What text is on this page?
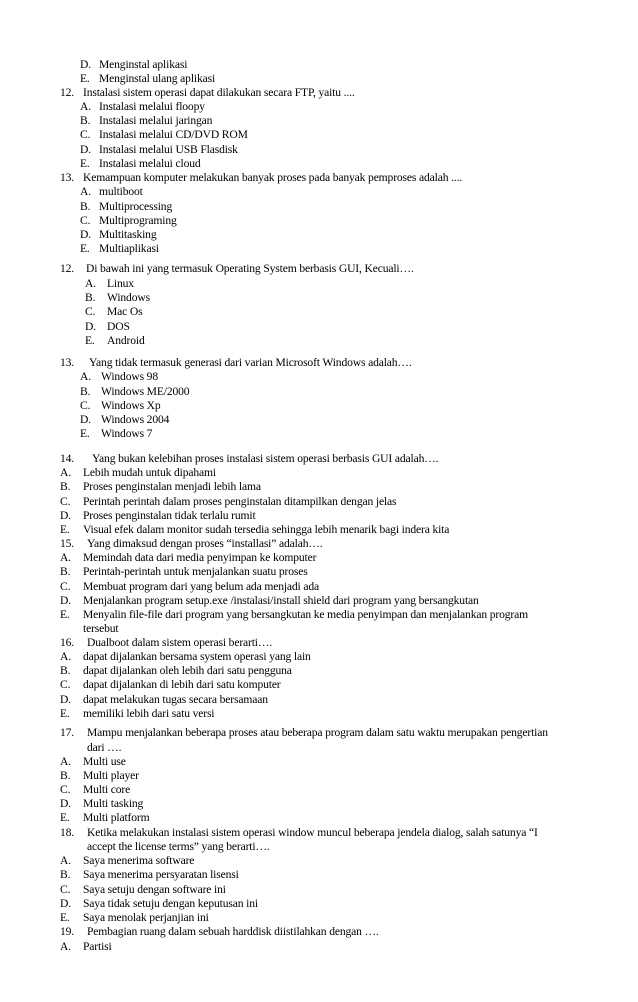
D. Menginstal aplikasi
E. Menginstal ulang aplikasi
12. Instalasi sistem operasi dapat dilakukan secara FTP, yaitu ....
A. Instalasi melalui floopy
B. Instalasi melalui jaringan
C. Instalasi melalui CD/DVD ROM
D. Instalasi melalui USB Flasdisk
E. Instalasi melalui cloud
13. Kemampuan komputer melakukan banyak proses pada banyak pemproses adalah ....
A. multiboot
B. Multiprocessing
C. Multiprograming
D. Multitasking
E. Multiaplikasi
12. Di bawah ini yang termasuk Operating System berbasis GUI, Kecuali….
A. Linux
B. Windows
C. Mac Os
D. DOS
E. Android
13. Yang tidak termasuk generasi dari varian Microsoft Windows adalah….
A. Windows 98
B. Windows ME/2000
C. Windows Xp
D. Windows 2004
E. Windows 7
14. Yang bukan kelebihan proses instalasi sistem operasi berbasis GUI adalah….
A. Lebih mudah untuk dipahami
B. Proses penginstalan menjadi lebih lama
C. Perintah perintah dalam proses penginstalan ditampilkan dengan jelas
D. Proses penginstalan tidak terlalu rumit
E. Visual efek dalam monitor sudah tersedia sehingga lebih menarik bagi indera kita
15. Yang dimaksud dengan proses “installasi” adalah….
A. Memindah data dari media penyimpan ke komputer
B. Perintah-perintah untuk menjalankan suatu proses
C. Membuat program dari yang belum ada menjadi ada
D. Menjalankan program setup.exe /instalasi/install shield dari program yang bersangkutan
E. Menyalin file-file dari program yang bersangkutan ke media penyimpan dan menjalankan program
tersebut
16. Dualboot dalam sistem operasi berarti….
A. dapat dijalankan bersama system operasi yang lain
B. dapat dijalankan oleh lebih dari satu pengguna
C. dapat dijalankan di lebih dari satu komputer
D. dapat melakukan tugas secara bersamaan
E. memiliki lebih dari satu versi
17. Mampu menjalankan beberapa proses atau beberapa program dalam satu waktu merupakan pengertian
dari ….
A. Multi use
B. Multi player
C. Multi core
D. Multi tasking
E. Multi platform
18. Ketika melakukan instalasi sistem operasi window muncul beberapa jendela dialog, salah satunya “I
accept the license terms” yang berarti….
A. Saya menerima software
B. Saya menerima persyaratan lisensi
C. Saya setuju dengan software ini
D. Saya tidak setuju dengan keputusan ini
E. Saya menolak perjanjian ini
19. Pembagian ruang dalam sebuah harddisk diistilahkan dengan ….
A. Partisi
